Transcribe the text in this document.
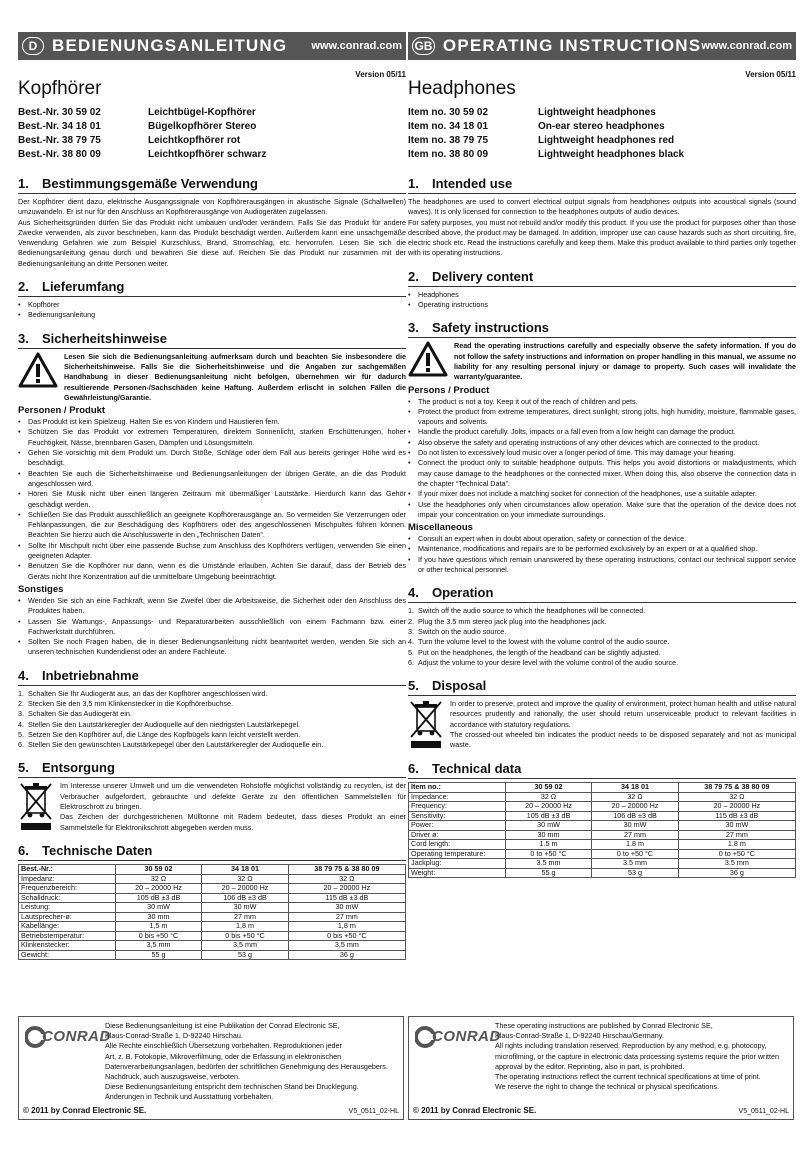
D BEDIENUNGSANLEITUNG www.conrad.com
Version 05/11
Kopfhörer
Best.-Nr. 30 59 02	Leichtbügel-Kopfhörer
Best.-Nr. 34 18 01	Bügelkopfhörer Stereo
Best.-Nr. 38 79 75	Leichtkopfhörer rot
Best.-Nr. 38 80 09	Leichtkopfhörer schwarz
1. Bestimmungsgemäße Verwendung
Der Kopfhörer dient dazu, elektrische Ausgangssignale von Kopfhörerausgängen in akustische Signale (Schallwellen) umzuwandeln. Er ist nur für den Anschluss an Kopfhörerausgänge von Audiogeräten zugelassen.
Aus Sicherheitsgründen dürfen Sie das Produkt nicht umbauen und/oder verändern. Falls Sie das Produkt für andere Zwecke verwenden, als zuvor beschrieben, kann das Produkt beschädigt werden. Außerdem kann eine unsachgemäße Verwendung Gefahren wie zum Beispiel Kurzschluss, Brand, Stromschlag, etc. hervorrufen. Lesen Sie sich die Bedienungsanleitung genau durch und bewahren Sie diese auf. Reichen Sie das Produkt nur zusammen mit der Bedienungsanleitung an dritte Personen weiter.
2. Lieferumfang
• Kopfhörer
• Bedienungsanleitung
3. Sicherheitshinweise
Lesen Sie sich die Bedienungsanleitung aufmerksam durch und beachten Sie insbesondere die Sicherheitshinweise. Falls Sie die Sicherheitshinweise und die Angaben zur sachgemäßen Handhabung in dieser Bedienungsanleitung nicht befolgen, übernehmen wir für dadurch resultierende Personen-/Sachschäden keine Haftung. Außerdem erlischt in solchen Fällen die Gewährleistung/Garantie.
Personen / Produkt
• Das Produkt ist kein Spielzeug. Halten Sie es von Kindern und Haustieren fern.
• Schützen Sie das Produkt vor extremen Temperaturen, direktem Sonnenlicht, starken Erschütterungen, hoher Feuchtigkeit, Nässe, brennbaren Gasen, Dämpfen und Lösungsmitteln.
• Gehen Sie vorsichtig mit dem Produkt um. Durch Stöße, Schläge oder dem Fall aus bereits geringer Höhe wird es beschädigt.
• Beachten Sie auch die Sicherheitshinweise und Bedienungsanleitungen der übrigen Geräte, an die das Produkt angeschlossen wird.
• Hören Sie Musik nicht über einen längeren Zeitraum mit übermäßiger Lautstärke. Hierdurch kann das Gehör geschädigt werden.
• Schließen Sie das Produkt ausschließlich an geeignete Kopfhörerausgänge an. So vermeiden Sie Verzerrungen oder Fehlanpassungen, die zur Beschädigung des Kopfhörers oder des angeschlossenen Mischpultes führen können. Beachten Sie hierzu auch die Anschlusswerte in den „Technischen Daten“.
• Sollte Ihr Mischpult nicht über eine passende Buchse zum Anschluss des Kopfhörers verfügen, verwenden Sie einen geeigneten Adapter.
• Benutzen Sie die Kopfhörer nur dann, wenn es die Umstände erlauben. Achten Sie darauf, dass der Betrieb des Geräts nicht Ihre Konzentration auf die unmittelbare Umgebung beeinträchtigt.
Sonstiges
• Wenden Sie sich an eine Fachkraft, wenn Sie Zweifel über die Arbeitsweise, die Sicherheit oder den Anschluss des Produktes haben.
• Lassen Sie Wartungs-, Anpassungs- und Reparaturarbeiten ausschließlich von einem Fachmann bzw. einer Fachwerkstatt durchführen.
• Sollten Sie noch Fragen haben, die in dieser Bedienungsanleitung nicht beantwortet werden, wenden Sie sich an unseren technischen Kundendienst oder an andere Fachleute.
4. Inbetriebnahme
1. Schalten Sie Ihr Audiogerät aus, an das der Kopfhörer angeschlossen wird.
2. Stecken Sie den 3,5 mm Klinkenstecker in die Kopfhörerbuchse.
3. Schalten Sie das Audiogerät ein.
4. Stellen Sie den Lautstärkeregler der Audioquelle auf den niedrigsten Lautstärkepegel.
5. Setzen Sie den Kopfhörer auf, die Länge des Kopfbügels kann leicht verstellt werden.
6. Stellen Sie den gewünschten Lautstärkepegel über den Lautstärkeregler der Audioquelle ein.
5. Entsorgung
Im Interesse unserer Umwelt und um die verwendeten Rohstoffe möglichst vollständig zu recyclen, ist der Verbraucher aufgefordert, gebrauchte und defekte Geräte zu den öffentlichen Sammelstellen für Elektroschrott zu bringen.
Das Zeichen der durchgestrichenen Mülltonne mit Rädern bedeutet, dass dieses Produkt an einer Sammelstelle für Elektronikschrott abgegeben werden muss.
6. Technische Daten
Best.-Nr.:	30 59 02	34 18 01	38 79 75 & 38 80 09
Impedanz:	32 Ω	32 Ω	32 Ω
Frequenzbereich:	20 – 20000 Hz	20 – 20000 Hz	20 – 20000 Hz
Schalldruck:	105 dB ±3 dB	106 dB ±3 dB	115 dB ±3 dB
Leistung:	30 mW	30 mW	30 mW
Lautsprecher-ø:	30 mm	27 mm	27 mm
Kabellänge:	1,5 m	1,8 m	1,8 m
Betriebstemperatur:	0 bis +50 °C	0 bis +50 °C	0 bis +50 °C
Klinkenstecker:	3,5 mm	3,5 mm	3,5 mm
Gewicht:	55 g	53 g	36 g
GB OPERATING INSTRUCTIONS www.conrad.com
Version 05/11
Headphones
Item no. 30 59 02	Lightweight headphones
Item no. 34 18 01	On-ear stereo headphones
Item no. 38 79 75	Lightweight headphones red
Item no. 38 80 09	Lightweight headphones black
1. Intended use
The headphones are used to convert electrical output signals from headphones outputs into acoustical signals (sound waves). It is only licensed for connection to the headphones outputs of audio devices.
For safety purposes, you must not rebuild and/or modify this product. If you use the product for purposes other than those described above, the product may be damaged. In addition, improper use can cause hazards such as short circuiting, fire, electric shock etc. Read the instructions carefully and keep them. Make this product available to third parties only together with its operating instructions.
2. Delivery content
• Headphones
• Operating instructions
3. Safety instructions
Read the operating instructions carefully and especially observe the safety information. If you do not follow the safety instructions and information on proper handling in this manual, we assume no liability for any resulting personal injury or damage to property. Such cases will invalidate the warranty/guarantee.
Persons / Product
• The product is not a toy. Keep it out of the reach of children and pets.
• Protect the product from extreme temperatures, direct sunlight, strong jolts, high humidity, moisture, flammable gases, vapours and solvents.
• Handle the product carefully. Jolts, impacts or a fall even from a low height can damage the product.
• Also observe the safety and operating instructions of any other devices which are connected to the product.
• Do not listen to excessively loud music over a longer period of time. This may damage your hearing.
• Connect the product only to suitable headphone outputs. This helps you avoid distortions or maladjustments, which may cause damage to the headphones or the connected mixer. When doing this, also observe the connection data in the chapter “Technical Data”.
• If your mixer does not include a matching socket for connection of the headphones, use a suitable adapter.
• Use the headphones only when circumstances allow operation. Make sure that the operation of the device does not impair your concentration on your immediate surroundings.
Miscellaneous
• Consult an expert when in doubt about operation, safety or connection of the device.
• Maintenance, modifications and repairs are to be performed exclusively by an expert or at a qualified shop.
• If you have questions which remain unanswered by these operating instructions, contact our technical support service or other technical personnel.
4. Operation
1. Switch off the audio source to which the headphones will be connected.
2. Plug the 3.5 mm stereo jack plug into the headphones jack.
3. Switch on the audio source.
4. Turn the volume level to the lowest with the volume control of the audio source.
5. Put on the headphones, the length of the headband can be slightly adjusted.
6. Adjust the volume to your desire level with the volume control of the audio source.
5. Disposal
In order to preserve, protect and improve the quality of environment, protect human health and utilise natural resources prudently and rationally, the user should return unserviceable product to relevant facilities in accordance with statutory regulations.
The crossed-out wheeled bin indicates the product needs to be disposed separately and not as municipal waste.
6. Technical data
Item no.:	30 59 02	34 18 01	38 79 75 & 38 80 09
Impedance:	32 Ω	32 Ω	32 Ω
Frequency:	20 – 20000 Hz	20 – 20000 Hz	20 – 20000 Hz
Sensitivity:	105 dB ±3 dB	106 dB ±3 dB	115 dB ±3 dB
Power:	30 mW	30 mW	30 mW
Driver ø:	30 mm	27 mm	27 mm
Cord length:	1.5 m	1.8 m	1.8 m
Operating temperature:	0 to +50 °C	0 to +50 °C	0 to +50 °C
Jackplug:	3.5 mm	3.5 mm	3.5 mm
Weight:	55 g	53 g	36 g
CONRAD
Diese Bedienungsanleitung ist eine Publikation der Conrad Electronic SE,
Klaus-Conrad-Straße 1, D-92240 Hirschau.
Alle Rechte einschließlich Übersetzung vorbehalten. Reproduktionen jeder
Art, z. B. Fotokopie, Mikroverfilmung, oder die Erfassung in elektronischen
Datenverarbeitungsanlagen, bedürfen der schriftlichen Genehmigung des Herausgebers.
Nachdruck, auch auszugsweise, verboten.
Diese Bedienungsanleitung entspricht dem technischen Stand bei Drucklegung.
Änderungen in Technik und Ausstattung vorbehalten.
© 2011 by Conrad Electronic SE.	V5_0511_02-HL
CONRAD
These operating instructions are published by Conrad Electronic SE,
Klaus-Conrad-Straße 1, D-92240 Hirschau/Germany.
All rights including translation reserved. Reproduction by any method, e.g. photocopy,
microfilming, or the capture in electronic data processing systems require the prior written
approval by the editor. Reprinting, also in part, is prohibited.
The operating instructions reflect the current technical specifications at time of print.
We reserve the right to change the technical or physical specifications.
© 2011 by Conrad Electronic SE.	V5_0511_02-HL
